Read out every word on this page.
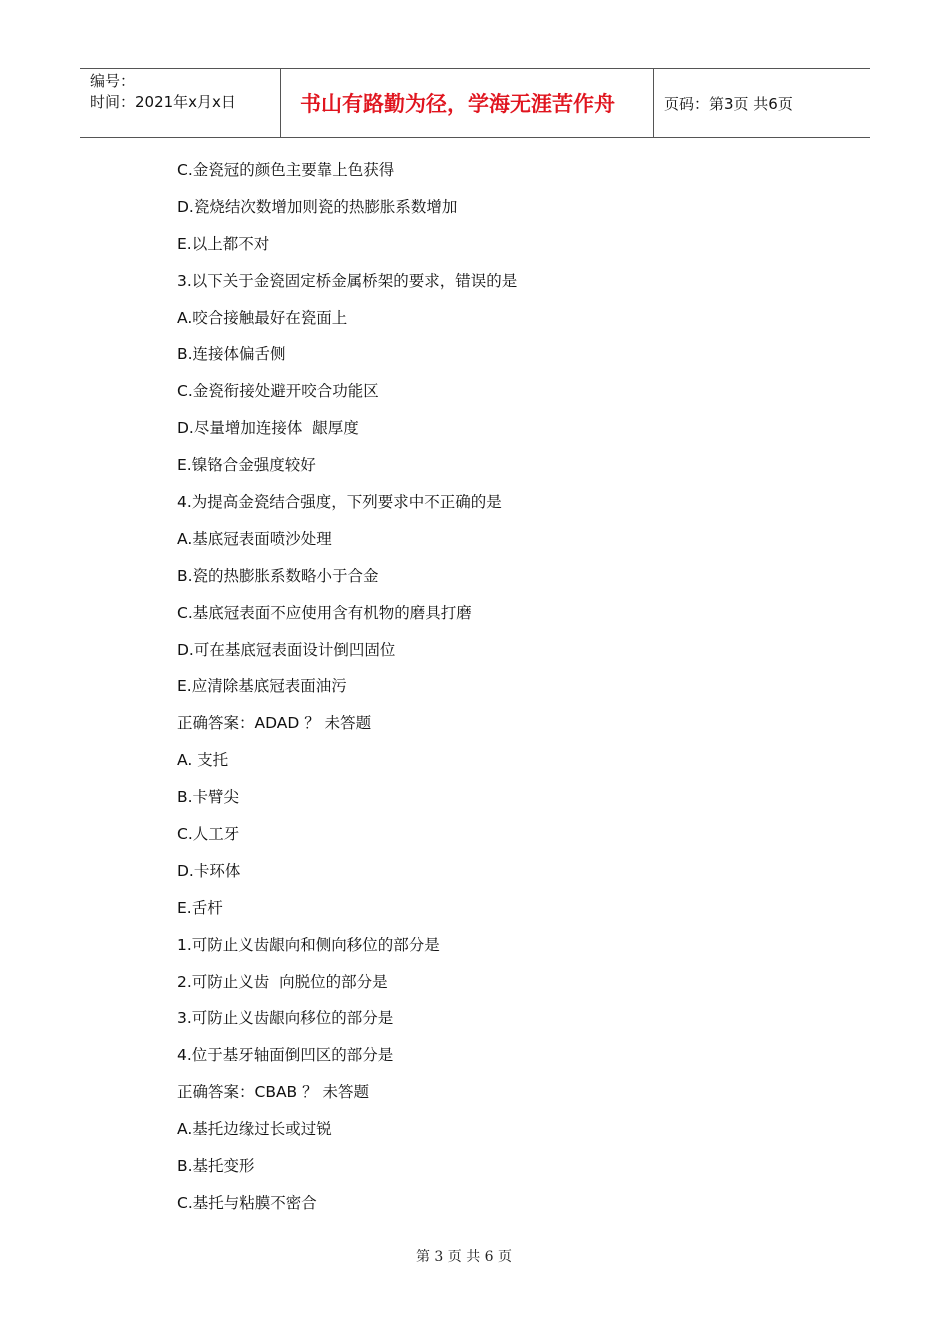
编号：
时间：2021年x月x日	书山有路勤为径，学海无涯苦作舟	页码：第3页 共6页
C.金瓷冠的颜色主要靠上色获得
D.瓷烧结次数增加则瓷的热膨胀系数增加
E.以上都不对
3.以下关于金瓷固定桥金属桥架的要求，错误的是
A.咬合接触最好在瓷面上
B.连接体偏舌侧
C.金瓷衔接处避开咬合功能区
D.尽量增加连接体  龈厚度
E.镍铬合金强度较好
4.为提高金瓷结合强度，下列要求中不正确的是
A.基底冠表面喷沙处理
B.瓷的热膨胀系数略小于合金
C.基底冠表面不应使用含有机物的磨具打磨
D.可在基底冠表面设计倒凹固位
E.应清除基底冠表面油污
正确答案：ADAD ？ 未答题
A. 支托
B.卡臂尖
C.人工牙
D.卡环体
E.舌杆
1.可防止义齿龈向和侧向移位的部分是
2.可防止义齿  向脱位的部分是
3.可防止义齿龈向移位的部分是
4.位于基牙轴面倒凹区的部分是
正确答案：CBAB ？ 未答题
A.基托边缘过长或过锐
B.基托变形
C.基托与粘膜不密合
第 3 页 共 6 页
